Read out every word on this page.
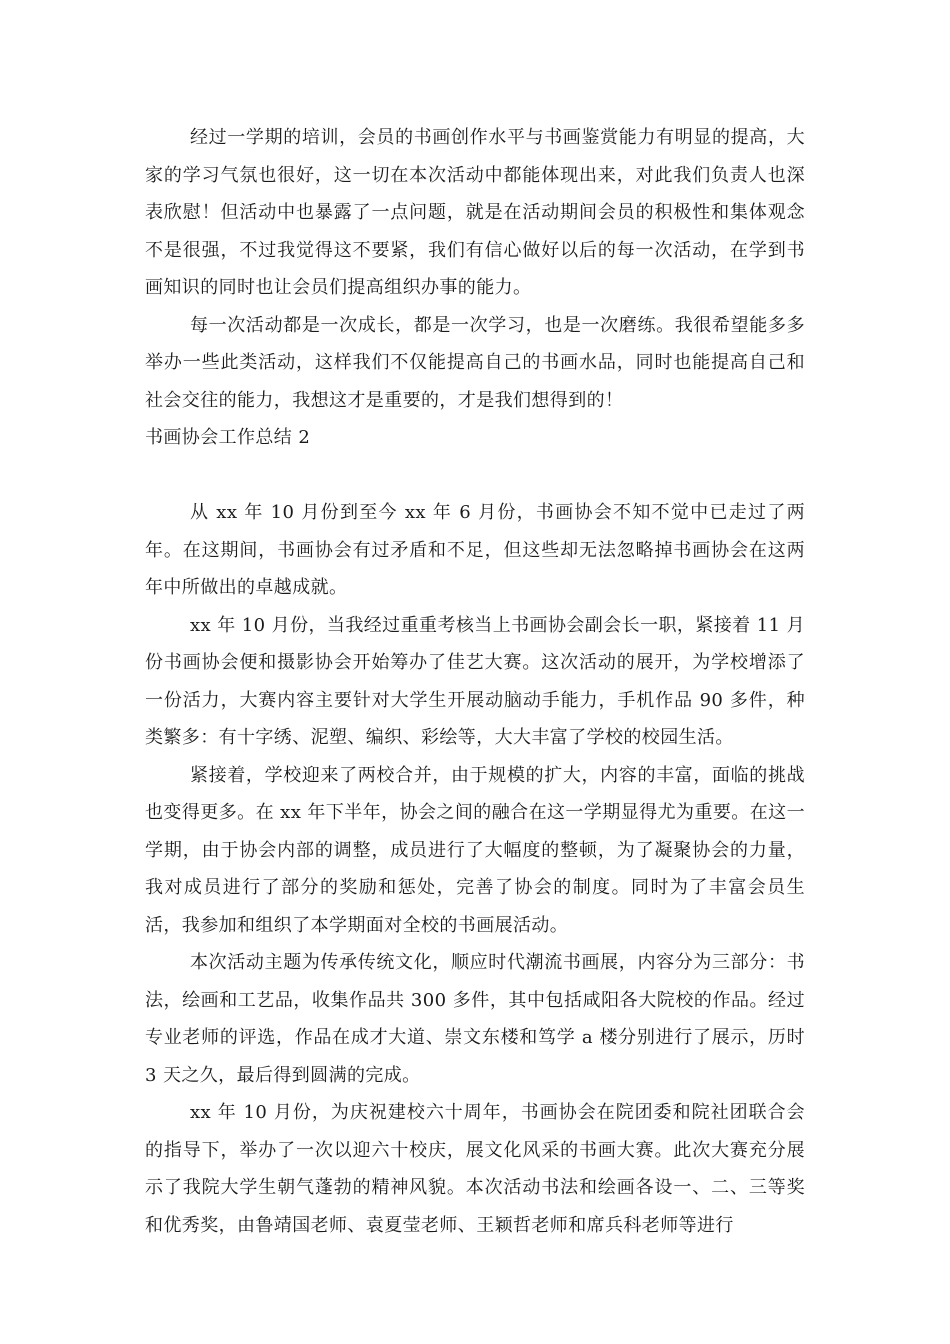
经过一学期的培训，会员的书画创作水平与书画鉴赏能力有明显的提高，大家的学习气氛也很好，这一切在本次活动中都能体现出来，对此我们负责人也深表欣慰！但活动中也暴露了一点问题，就是在活动期间会员的积极性和集体观念不是很强，不过我觉得这不要紧，我们有信心做好以后的每一次活动，在学到书画知识的同时也让会员们提高组织办事的能力。

每一次活动都是一次成长，都是一次学习，也是一次磨练。我很希望能多多举办一些此类活动，这样我们不仅能提高自己的书画水品，同时也能提高自己和社会交往的能力，我想这才是重要的，才是我们想得到的！

书画协会工作总结 2

从 xx 年 10 月份到至今 xx 年 6 月份，书画协会不知不觉中已走过了两年。在这期间，书画协会有过矛盾和不足，但这些却无法忽略掉书画协会在这两年中所做出的卓越成就。

xx 年 10 月份，当我经过重重考核当上书画协会副会长一职，紧接着 11 月份书画协会便和摄影协会开始筹办了佳艺大赛。这次活动的展开，为学校增添了一份活力，大赛内容主要针对大学生开展动脑动手能力，手机作品 90 多件，种类繁多：有十字绣、泥塑、编织、彩绘等，大大丰富了学校的校园生活。

紧接着，学校迎来了两校合并，由于规模的扩大，内容的丰富，面临的挑战也变得更多。在 xx 年下半年，协会之间的融合在这一学期显得尤为重要。在这一学期，由于协会内部的调整，成员进行了大幅度的整顿，为了凝聚协会的力量，我对成员进行了部分的奖励和惩处，完善了协会的制度。同时为了丰富会员生活，我参加和组织了本学期面对全校的书画展活动。

本次活动主题为传承传统文化，顺应时代潮流书画展，内容分为三部分：书法，绘画和工艺品，收集作品共 300 多件，其中包括咸阳各大院校的作品。经过专业老师的评选，作品在成才大道、崇文东楼和笃学 a 楼分别进行了展示，历时 3 天之久，最后得到圆满的完成。

xx 年 10 月份，为庆祝建校六十周年，书画协会在院团委和院社团联合会的指导下，举办了一次以迎六十校庆，展文化风采的书画大赛。此次大赛充分展示了我院大学生朝气蓬勃的精神风貌。本次活动书法和绘画各设一、二、三等奖和优秀奖，由鲁靖国老师、袁夏莹老师、王颖哲老师和席兵科老师等进行
